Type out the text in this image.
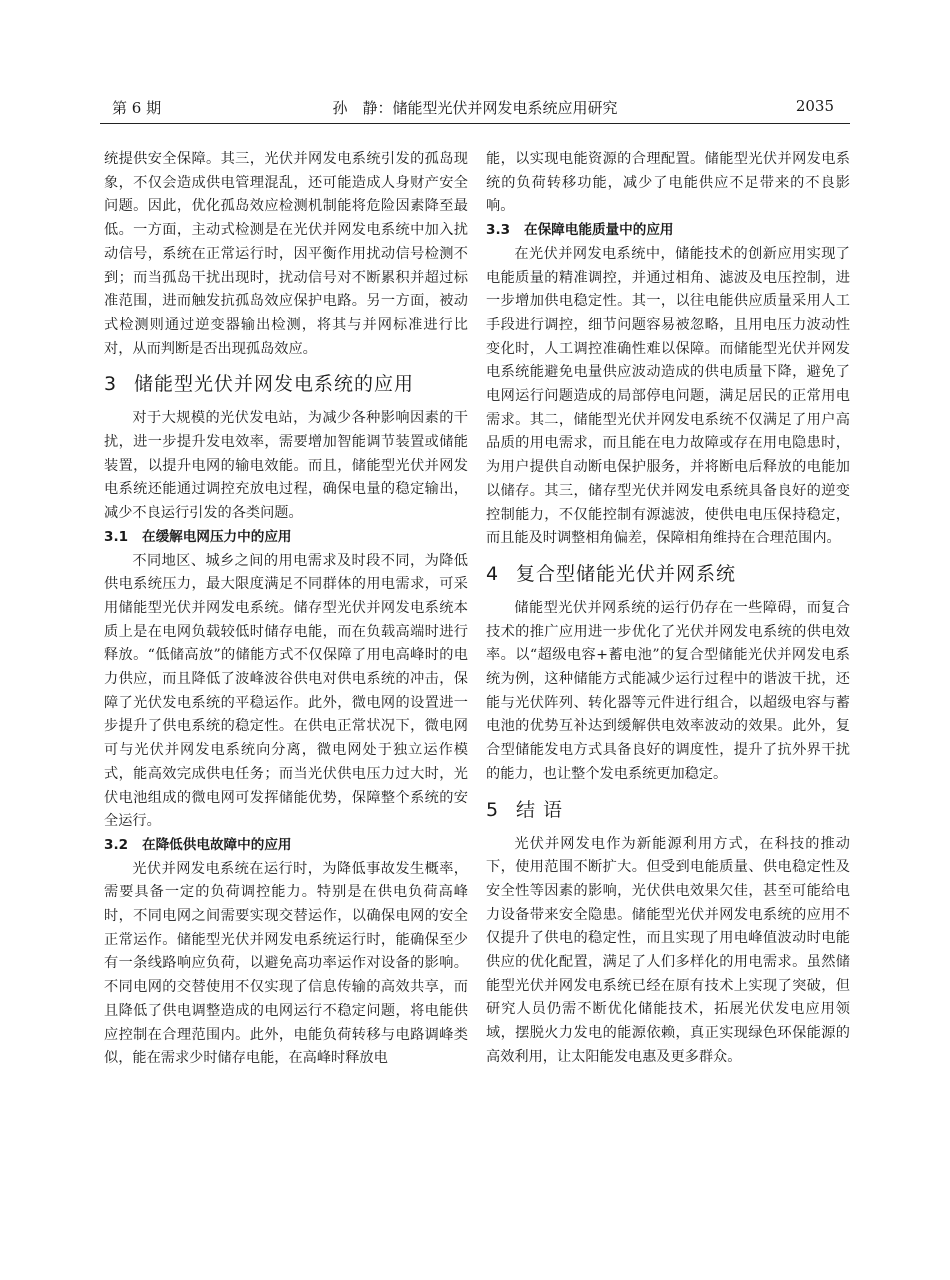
第 6 期	孙　静：储能型光伏并网发电系统应用研究	2035

统提供安全保障。其三，光伏并网发电系统引发的孤岛现象，不仅会造成供电管理混乱，还可能造成人身财产安全问题。因此，优化孤岛效应检测机制能将危险因素降至最低。一方面，主动式检测是在光伏并网发电系统中加入扰动信号，系统在正常运行时，因平衡作用扰动信号检测不到；而当孤岛干扰出现时，扰动信号对不断累积并超过标准范围，进而触发抗孤岛效应保护电路。另一方面，被动式检测则通过逆变器输出检测，将其与并网标准进行比对，从而判断是否出现孤岛效应。

3 储能型光伏并网发电系统的应用

对于大规模的光伏发电站，为减少各种影响因素的干扰，进一步提升发电效率，需要增加智能调节装置或储能装置，以提升电网的输电效能。而且，储能型光伏并网发电系统还能通过调控充放电过程，确保电量的稳定输出，减少不良运行引发的各类问题。

3.1 在缓解电网压力中的应用

不同地区、城乡之间的用电需求及时段不同，为降低供电系统压力，最大限度满足不同群体的用电需求，可采用储能型光伏并网发电系统。储存型光伏并网发电系统本质上是在电网负载较低时储存电能，而在负载高端时进行释放。“低储高放”的储能方式不仅保障了用电高峰时的电力供应，而且降低了波峰波谷供电对供电系统的冲击，保障了光伏发电系统的平稳运作。此外，微电网的设置进一步提升了供电系统的稳定性。在供电正常状况下，微电网可与光伏并网发电系统向分离，微电网处于独立运作模式，能高效完成供电任务；而当光伏供电压力过大时，光伏电池组成的微电网可发挥储能优势，保障整个系统的安全运行。

3.2 在降低供电故障中的应用

光伏并网发电系统在运行时，为降低事故发生概率，需要具备一定的负荷调控能力。特别是在供电负荷高峰时，不同电网之间需要实现交替运作，以确保电网的安全正常运作。储能型光伏并网发电系统运行时，能确保至少有一条线路响应负荷，以避免高功率运作对设备的影响。不同电网的交替使用不仅实现了信息传输的高效共享，而且降低了供电调整造成的电网运行不稳定问题，将电能供应控制在合理范围内。此外，电能负荷转移与电路调峰类似，能在需求少时储存电能，在高峰时释放电

能，以实现电能资源的合理配置。储能型光伏并网发电系统的负荷转移功能，减少了电能供应不足带来的不良影响。

3.3 在保障电能质量中的应用

在光伏并网发电系统中，储能技术的创新应用实现了电能质量的精准调控，并通过相角、滤波及电压控制，进一步增加供电稳定性。其一，以往电能供应质量采用人工手段进行调控，细节问题容易被忽略，且用电压力波动性变化时，人工调控准确性难以保障。而储能型光伏并网发电系统能避免电量供应波动造成的供电质量下降，避免了电网运行问题造成的局部停电问题，满足居民的正常用电需求。其二，储能型光伏并网发电系统不仅满足了用户高品质的用电需求，而且能在电力故障或存在用电隐患时，为用户提供自动断电保护服务，并将断电后释放的电能加以储存。其三，储存型光伏并网发电系统具备良好的逆变控制能力，不仅能控制有源滤波，使供电电压保持稳定，而且能及时调整相角偏差，保障相角维持在合理范围内。

4 复合型储能光伏并网系统

储能型光伏并网系统的运行仍存在一些障碍，而复合技术的推广应用进一步优化了光伏并网发电系统的供电效率。以“超级电容+蓄电池”的复合型储能光伏并网发电系统为例，这种储能方式能减少运行过程中的谐波干扰，还能与光伏阵列、转化器等元件进行组合，以超级电容与蓄电池的优势互补达到缓解供电效率波动的效果。此外，复合型储能发电方式具备良好的调度性，提升了抗外界干扰的能力，也让整个发电系统更加稳定。

5 结 语

光伏并网发电作为新能源利用方式，在科技的推动下，使用范围不断扩大。但受到电能质量、供电稳定性及安全性等因素的影响，光伏供电效果欠佳，甚至可能给电力设备带来安全隐患。储能型光伏并网发电系统的应用不仅提升了供电的稳定性，而且实现了用电峰值波动时电能供应的优化配置，满足了人们多样化的用电需求。虽然储能型光伏并网发电系统已经在原有技术上实现了突破，但研究人员仍需不断优化储能技术，拓展光伏发电应用领域，摆脱火力发电的能源依赖，真正实现绿色环保能源的高效利用，让太阳能发电惠及更多群众。
